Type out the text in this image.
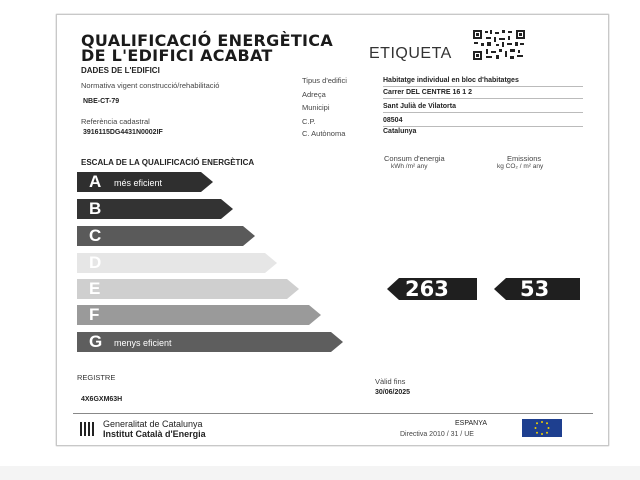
QUALIFICACIÓ ENERGÈTICA
DE L'EDIFICI ACABAT	ETIQUETA
DADES DE L'EDIFICI
Normativa vigent construcció/rehabilitació
NBE-CT-79
Referència cadastral
3916115DG4431N0002IF
Tipus d'edifici	Habitatge individual en bloc d'habitatges
Adreça	Carrer DEL CENTRE 16 1 2
Municipi	Sant Julià de Vilatorta
C.P.	08504
C. Autònoma	Catalunya
ESCALA DE LA QUALIFICACIÓ ENERGÈTICA	Consum d'energia
kWh /m² any
Emissions
kg CO₂ / m² any
A més eficient
B
C
D
E
F
G menys eficient
263	53
REGISTRE
4X6GXM63H
Vàlid fins
30/06/2025
Generalitat de Catalunya
Institut Català d'Energia
ESPANYA
Directiva 2010 / 31 / UE
